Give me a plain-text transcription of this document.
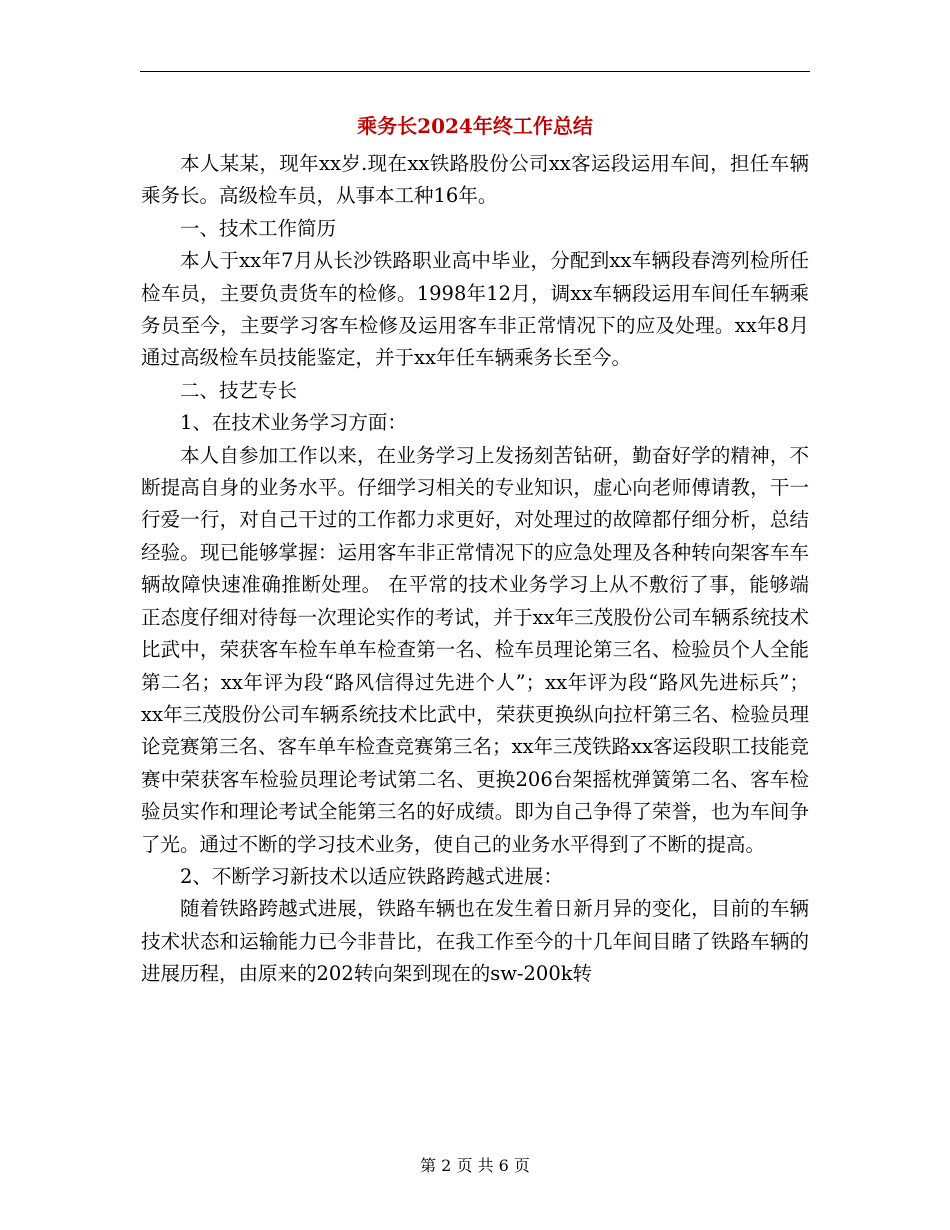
乘务长2024年终工作总结

本人某某，现年xx岁.现在xx铁路股份公司xx客运段运用车间，担任车辆乘务长。高级检车员，从事本工种16年。

一、技术工作简历

本人于xx年7月从长沙铁路职业高中毕业，分配到xx车辆段春湾列检所任检车员，主要负责货车的检修。1998年12月，调xx车辆段运用车间任车辆乘务员至今，主要学习客车检修及运用客车非正常情况下的应及处理。xx年8月通过高级检车员技能鉴定，并于xx年任车辆乘务长至今。

二、技艺专长

1、在技术业务学习方面：

本人自参加工作以来，在业务学习上发扬刻苦钻研，勤奋好学的精神，不断提高自身的业务水平。仔细学习相关的专业知识，虚心向老师傅请教，干一行爱一行，对自己干过的工作都力求更好，对处理过的故障都仔细分析，总结经验。现已能够掌握：运用客车非正常情况下的应急处理及各种转向架客车车辆故障快速准确推断处理。 在平常的技术业务学习上从不敷衍了事，能够端正态度仔细对待每一次理论实作的考试，并于xx年三茂股份公司车辆系统技术比武中，荣获客车检车单车检查第一名、检车员理论第三名、检验员个人全能第二名；xx年评为段“路风信得过先进个人”；xx年评为段“路风先进标兵”；xx年三茂股份公司车辆系统技术比武中，荣获更换纵向拉杆第三名、检验员理论竞赛第三名、客车单车检查竞赛第三名；xx年三茂铁路xx客运段职工技能竞赛中荣获客车检验员理论考试第二名、更换206台架摇枕弹簧第二名、客车检验员实作和理论考试全能第三名的好成绩。即为自己争得了荣誉，也为车间争了光。通过不断的学习技术业务，使自己的业务水平得到了不断的提高。

2、不断学习新技术以适应铁路跨越式进展：

随着铁路跨越式进展，铁路车辆也在发生着日新月异的变化，目前的车辆技术状态和运输能力已今非昔比，在我工作至今的十几年间目睹了铁路车辆的进展历程，由原来的202转向架到现在的sw-200k转

第 2 页 共 6 页
